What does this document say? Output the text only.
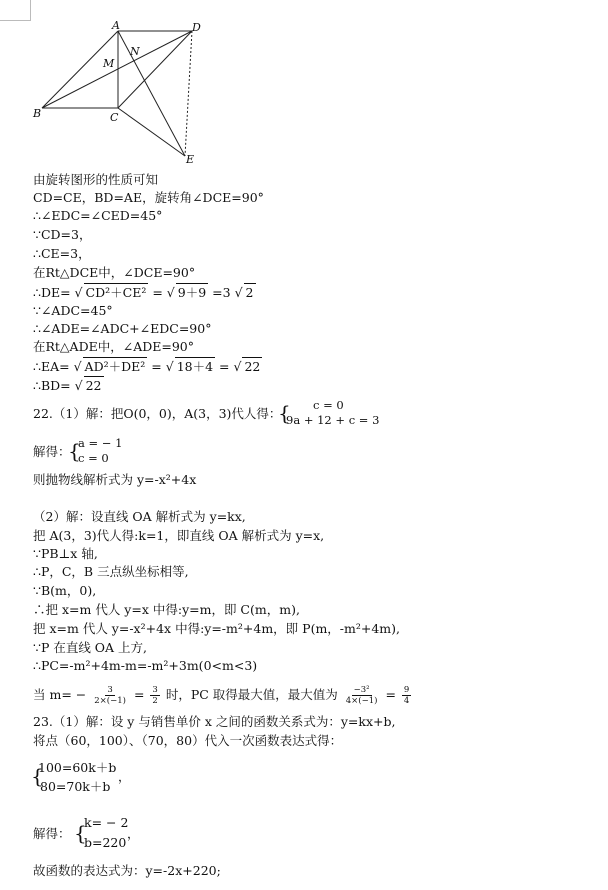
A	D
N
M
B	C
E
由旋转图形的性质可知
CD=CE，BD=AE，旋转角∠DCE=90°
∴∠EDC=∠CED=45°
∵CD=3，
∴CE=3，
在Rt△DCE中，∠DCE=90°
∴DE= √ CD²＋CE² = √ 9＋9 =3 √ 2
∵∠ADC=45°
∴∠ADE=∠ADC+∠EDC=90°
在Rt△ADE中，∠ADE=90°
∴EA= √ AD²＋DE² = √ 18＋4 = √ 22
∴BD= √ 22
22.（1）解：把O(0，0)，A(3，3)代人得：
{ c = 0
9a + 12 + c = 3
解得：
{
a = − 1
c = 0
则抛物线解析式为 y=-x²+4x
（2）解：设直线 OA 解析式为 y=kx,
把 A(3，3)代人得:k=1，即直线 OA 解析式为 y=x,
∵PB⊥x 轴,
∴P，C，B 三点纵坐标相等,
∵B(m，0),
∴把 x=m 代人 y=x 中得:y=m，即 C(m，m),
把 x=m 代人 y=-x²+4x 中得:y=-m²+4m，即 P(m，-m²+4m),
∵P 在直线 OA 上方,
∴PC=-m²+4m-m=-m²+3m(0<m<3)
当 $m= - \frac{3}{2\times(-1)} = \frac{3}{2}$ 时，PC 取得最大值，最大值为 $\frac{\text{−3²}}{4\times(-1)} = \frac{9}{4}$
23.（1）解：设 y 与销售单价 x 之间的函数关系式为：y=kx+b,
将点（60，100）、（70，80）代入一次函数表达式得：
{
100=60k＋b
80=70k＋b
，
解得： {
k= − 2
b=220
，
故函数的表达式为：y=-2x+220;
